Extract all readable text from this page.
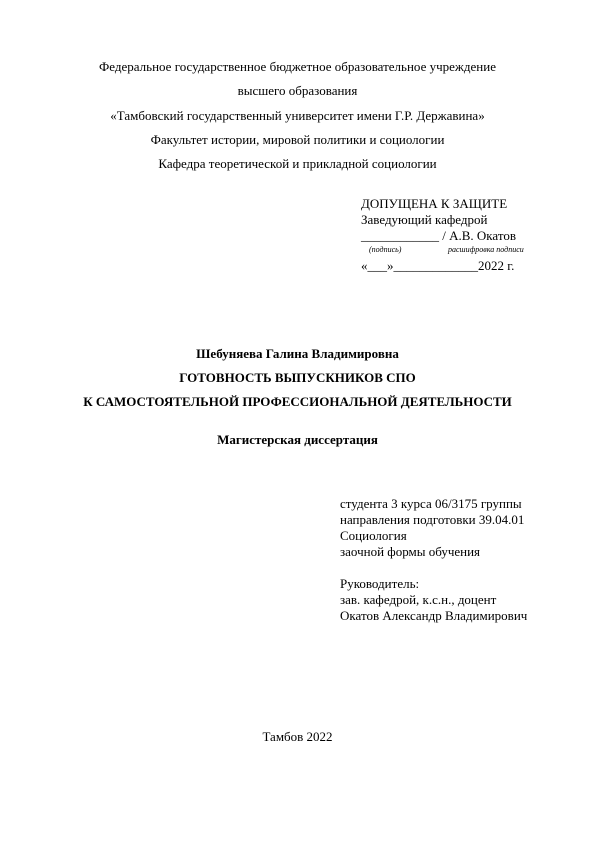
Федеральное государственное бюджетное образовательное учреждение
высшего образования
«Тамбовский государственный университет имени Г.Р. Державина»
Факультет истории, мировой политики и социологии
Кафедра теоретической и прикладной социологии
ДОПУЩЕНА К ЗАЩИТЕ
Заведующий кафедрой
____________ / А.В. Окатов
(подпись)	расшифровка подписи
«___»_____________2022 г.
Шебуняева Галина Владимировна
ГОТОВНОСТЬ ВЫПУСКНИКОВ СПО
К САМОСТОЯТЕЛЬНОЙ ПРОФЕССИОНАЛЬНОЙ ДЕЯТЕЛЬНОСТИ
Магистерская диссертация
студента 3 курса 06/3175 группы
направления подготовки 39.04.01
Социология
заочной формы обучения
Руководитель:
зав. кафедрой, к.с.н., доцент
Окатов Александр Владимирович
Тамбов 2022
